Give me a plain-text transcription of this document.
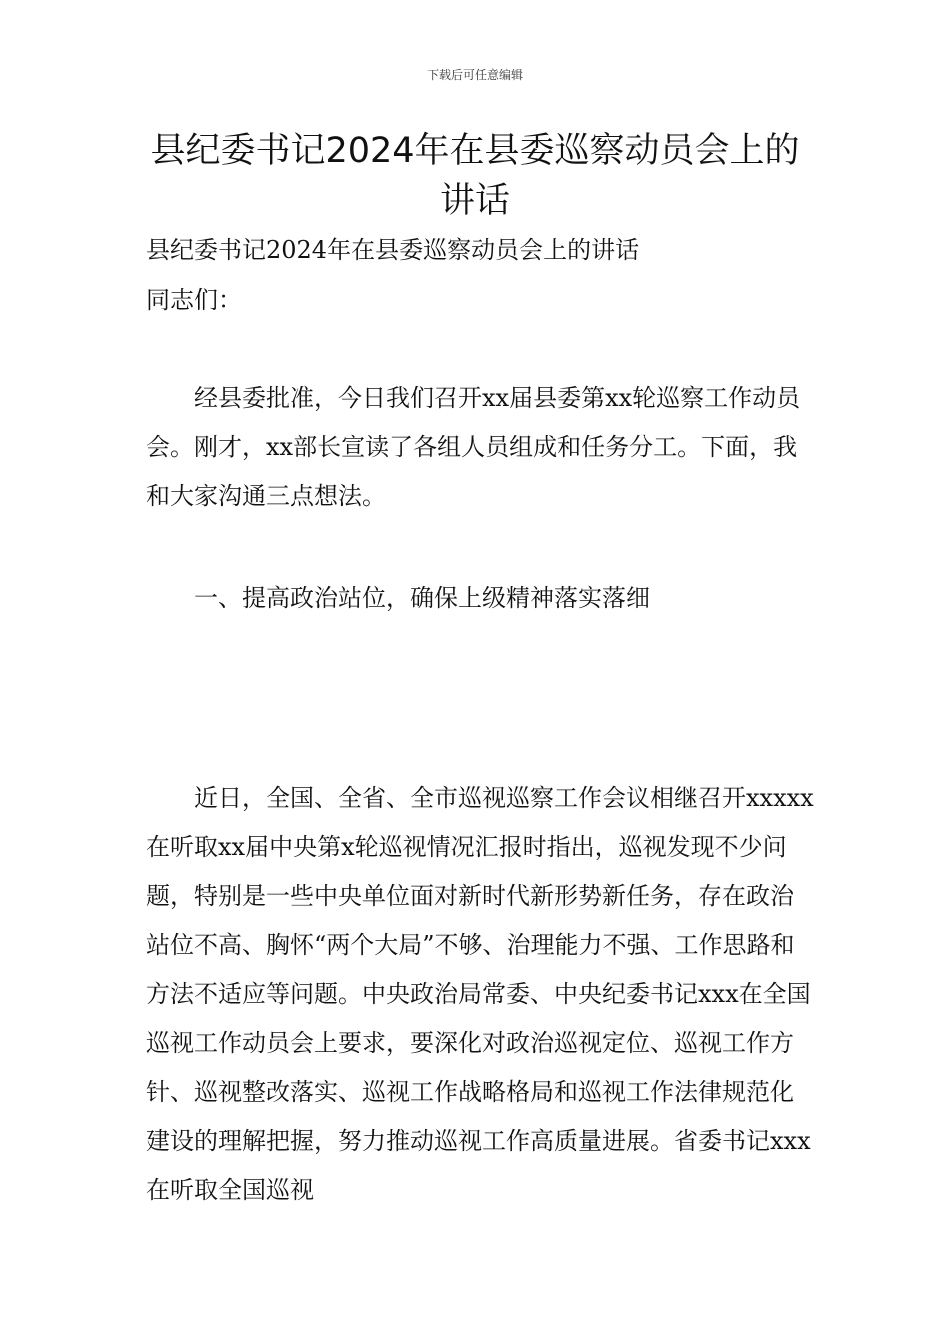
下载后可任意编辑
县纪委书记2024年在县委巡察动员会上的讲话

县纪委书记2024年在县委巡察动员会上的讲话

同志们：

经县委批准，今日我们召开xx届县委第xx轮巡察工作动员会。刚才，xx部长宣读了各组人员组成和任务分工。下面，我和大家沟通三点想法。

一、提高政治站位，确保上级精神落实落细

近日，全国、全省、全市巡视巡察工作会议相继召开xxxxx在听取xx届中央第x轮巡视情况汇报时指出，巡视发现不少问题，特别是一些中央单位面对新时代新形势新任务，存在政治站位不高、胸怀“两个大局”不够、治理能力不强、工作思路和方法不适应等问题。中央政治局常委、中央纪委书记xxx在全国巡视工作动员会上要求，要深化对政治巡视定位、巡视工作方针、巡视整改落实、巡视工作战略格局和巡视工作法律规范化建设的理解把握，努力推动巡视工作高质量进展。省委书记xxx在听取全国巡视
